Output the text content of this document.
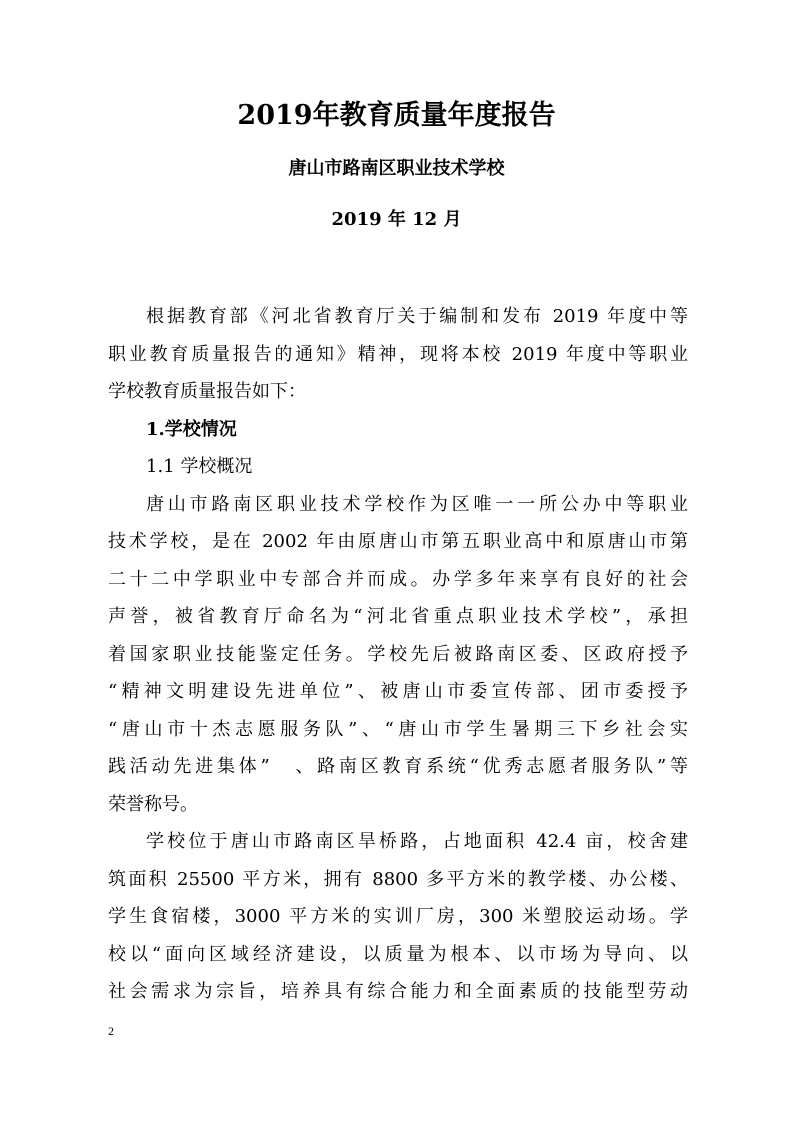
2019年教育质量年度报告
唐山市路南区职业技术学校
2019 年 12 月
根据教育部《河北省教育厅关于编制和发布 2019 年度中等
职业教育质量报告的通知》精神，现将本校 2019 年度中等职业
学校教育质量报告如下：
1.学校情况
1.1 学校概况
唐山市路南区职业技术学校作为区唯一一所公办中等职业
技术学校，是在 2002 年由原唐山市第五职业高中和原唐山市第
二十二中学职业中专部合并而成。办学多年来享有良好的社会
声誉，被省教育厅命名为“河北省重点职业技术学校”，承担
着国家职业技能鉴定任务。学校先后被路南区委、区政府授予
“精神文明建设先进单位”、被唐山市委宣传部、团市委授予
“唐山市十杰志愿服务队”、“唐山市学生暑期三下乡社会实
践活动先进集体”　、路南区教育系统“优秀志愿者服务队”等
荣誉称号。
学校位于唐山市路南区旱桥路，占地面积 42.4 亩，校舍建
筑面积 25500 平方米，拥有 8800 多平方米的教学楼、办公楼、
学生食宿楼，3000 平方米的实训厂房，300 米塑胶运动场。学
校以“面向区域经济建设，以质量为根本、以市场为导向、以
社会需求为宗旨，培养具有综合能力和全面素质的技能型劳动
2
